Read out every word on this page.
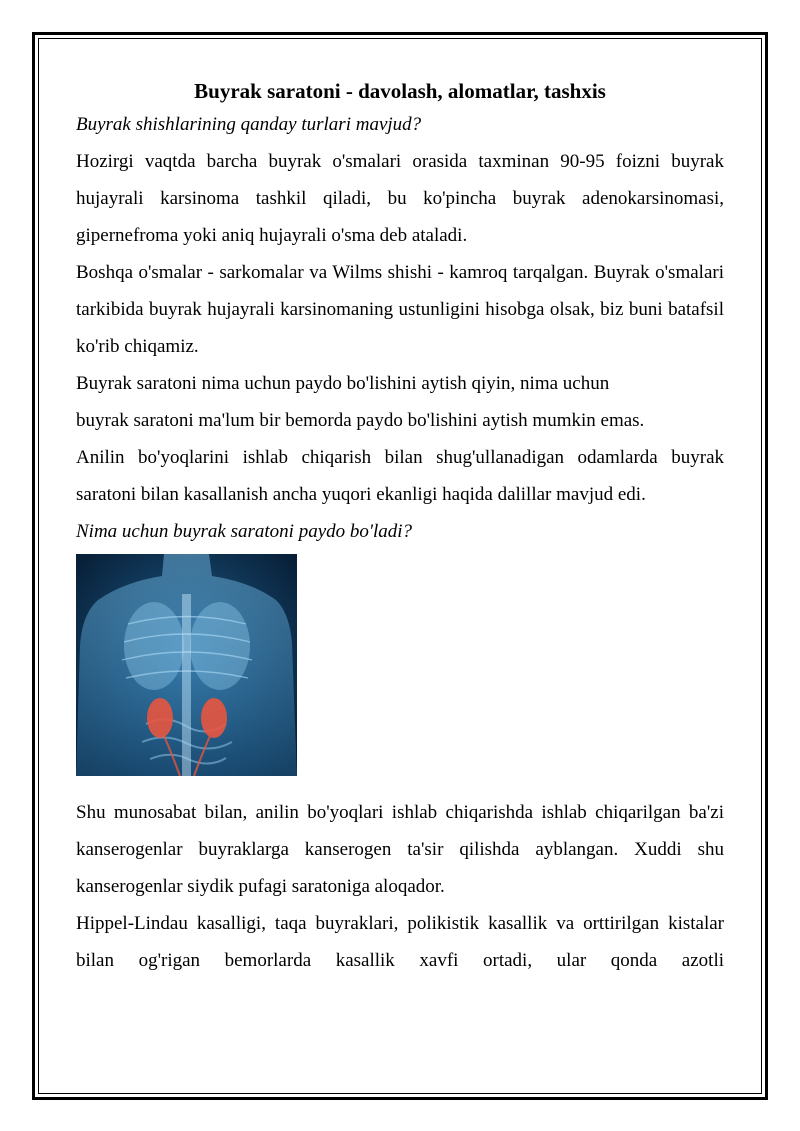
Buyrak saratoni - davolash, alomatlar, tashxis

Buyrak shishlarining qanday turlari mavjud?

Hozirgi vaqtda barcha buyrak o'smalari orasida taxminan 90-95 foizni buyrak hujayrali karsinoma tashkil qiladi, bu ko'pincha buyrak adenokarsinomasi, gipernefroma yoki aniq hujayrali o'sma deb ataladi.

Boshqa o'smalar - sarkomalar va Wilms shishi - kamroq tarqalgan. Buyrak o'smalari tarkibida buyrak hujayrali karsinomaning ustunligini hisobga olsak, biz buni batafsil ko'rib chiqamiz.

Buyrak saratoni nima uchun paydo bo'lishini aytish qiyin, nima uchun

buyrak saratoni ma'lum bir bemorda paydo bo'lishini aytish mumkin emas.

Anilin bo'yoqlarini ishlab chiqarish bilan shug'ullanadigan odamlarda buyrak saratoni bilan kasallanish ancha yuqori ekanligi haqida dalillar mavjud edi.

Nima uchun buyrak saratoni paydo bo'ladi?

Shu munosabat bilan, anilin bo'yoqlari ishlab chiqarishda ishlab chiqarilgan ba'zi kanserogenlar buyraklarga kanserogen ta'sir qilishda ayblangan. Xuddi shu kanserogenlar siydik pufagi saratoniga aloqador.

Hippel-Lindau kasalligi, taqa buyraklari, polikistik kasallik va orttirilgan kistalar bilan og'rigan bemorlarda kasallik xavfi ortadi, ular qonda azotli
